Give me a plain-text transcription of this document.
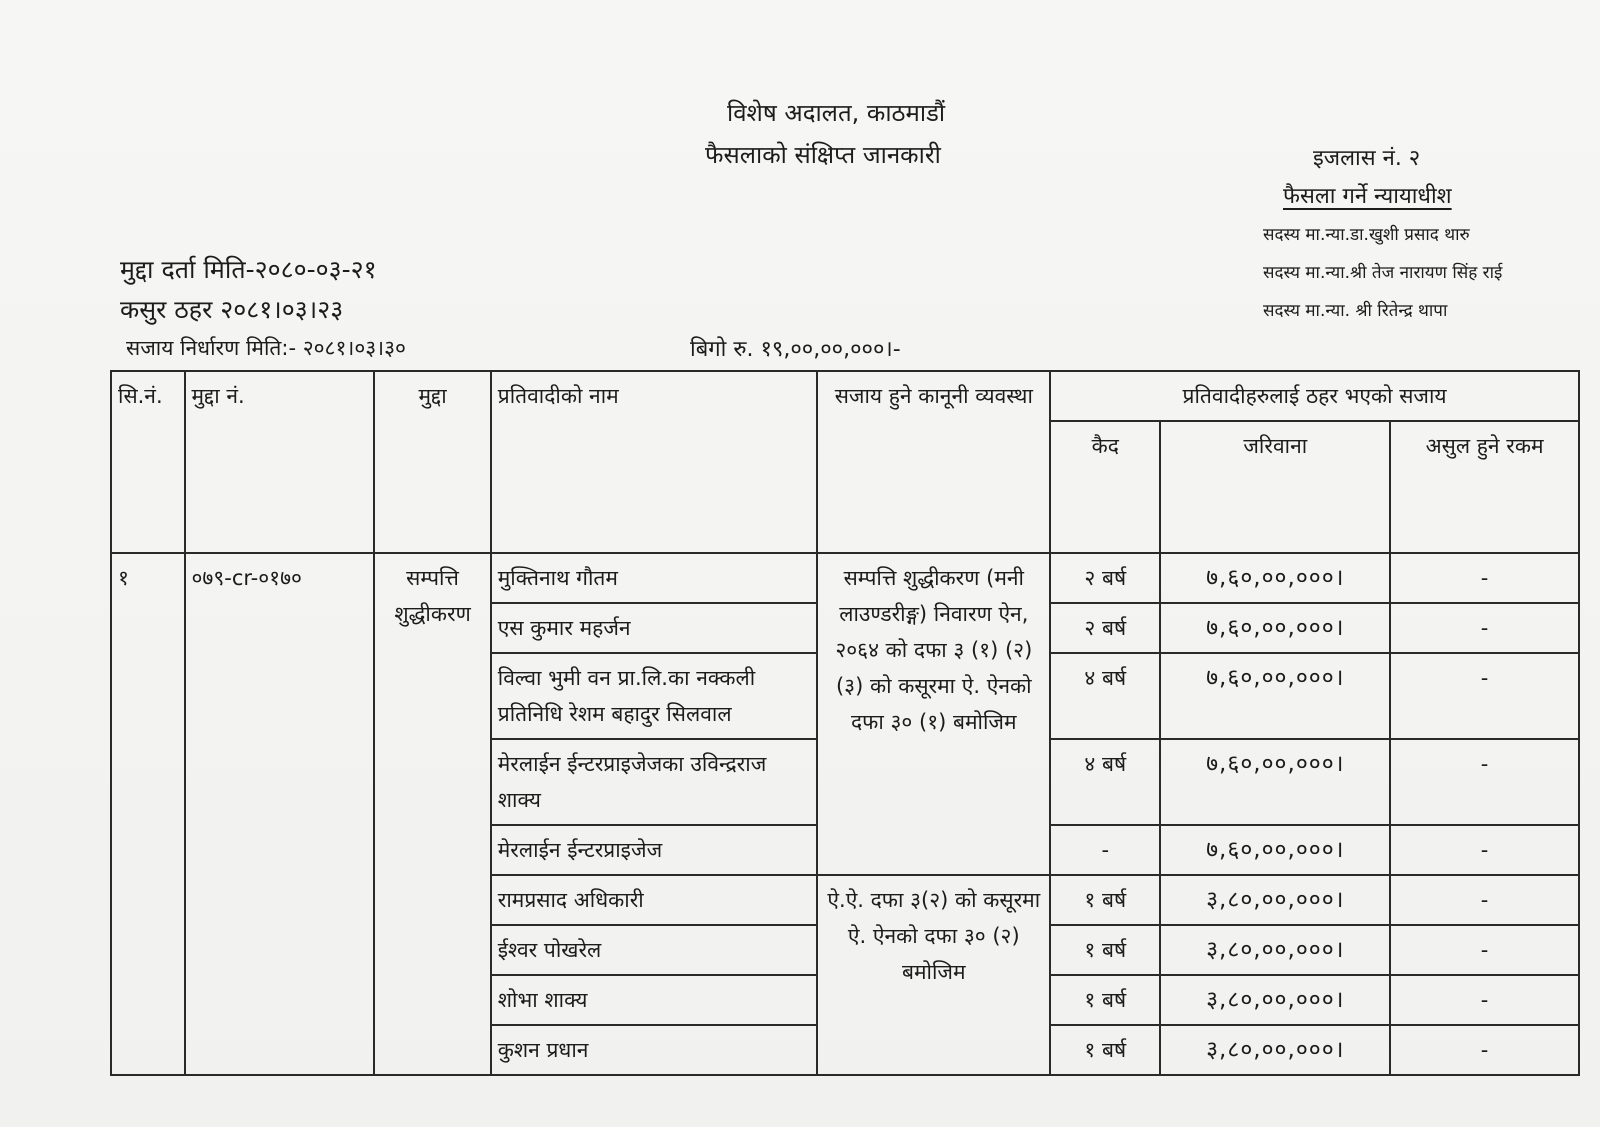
विशेष अदालत, काठमाडौं
फैसलाको संक्षिप्त जानकारी	इजलास नं. २
फैसला गर्ने न्यायाधीश
सदस्य मा.न्या.डा.खुशी प्रसाद थारु
सदस्य मा.न्या.श्री तेज नारायण सिंह राई
सदस्य मा.न्या. श्री रितेन्द्र थापा
मुद्दा दर्ता मिति-२०८०-०३-२१
कसुर ठहर २०८१।०३।२३
सजाय निर्धारण मिति:- २०८१।०३।३०	बिगो रु. १९,००,००,०००।-
सि.नं.	मुद्दा नं.	मुद्दा	प्रतिवादीको नाम	सजाय हुने कानूनी व्यवस्था	प्रतिवादीहरुलाई ठहर भएको सजाय		
					कैद	जरिवाना	असुल हुने रकम
१	०७९-cr-०१७०	सम्पत्ति शुद्धीकरण	मुक्तिनाथ गौतम	सम्पत्ति शुद्धीकरण (मनी लाउण्डरीङ्ग) निवारण ऐन, २०६४ को दफा ३ (१) (२) (३) को कसूरमा ऐ. ऐनको दफा ३० (१) बमोजिम	२ बर्ष	७,६०,००,०००।	-
			एस कुमार महर्जन		२ बर्ष	७,६०,००,०००।	-
			विल्वा भुमी वन प्रा.लि.का नक्कली प्रतिनिधि रेशम बहादुर सिलवाल		४ बर्ष	७,६०,००,०००।	-
			मेरलाईन ईन्टरप्राइजेजका उविन्द्रराज शाक्य		४ बर्ष	७,६०,००,०००।	-
			मेरलाईन ईन्टरप्राइजेज		-	७,६०,००,०००।	-
			रामप्रसाद अधिकारी	ऐ.ऐ. दफा ३(२) को कसूरमा ऐ. ऐनको दफा ३० (२) बमोजिम	१ बर्ष	३,८०,००,०००।	-
			ईश्वर पोखरेल		१ बर्ष	३,८०,००,०००।	-
			शोभा शाक्य		१ बर्ष	३,८०,००,०००।	-
			कुशन प्रधान		१ बर्ष	३,८०,००,०००।	-
